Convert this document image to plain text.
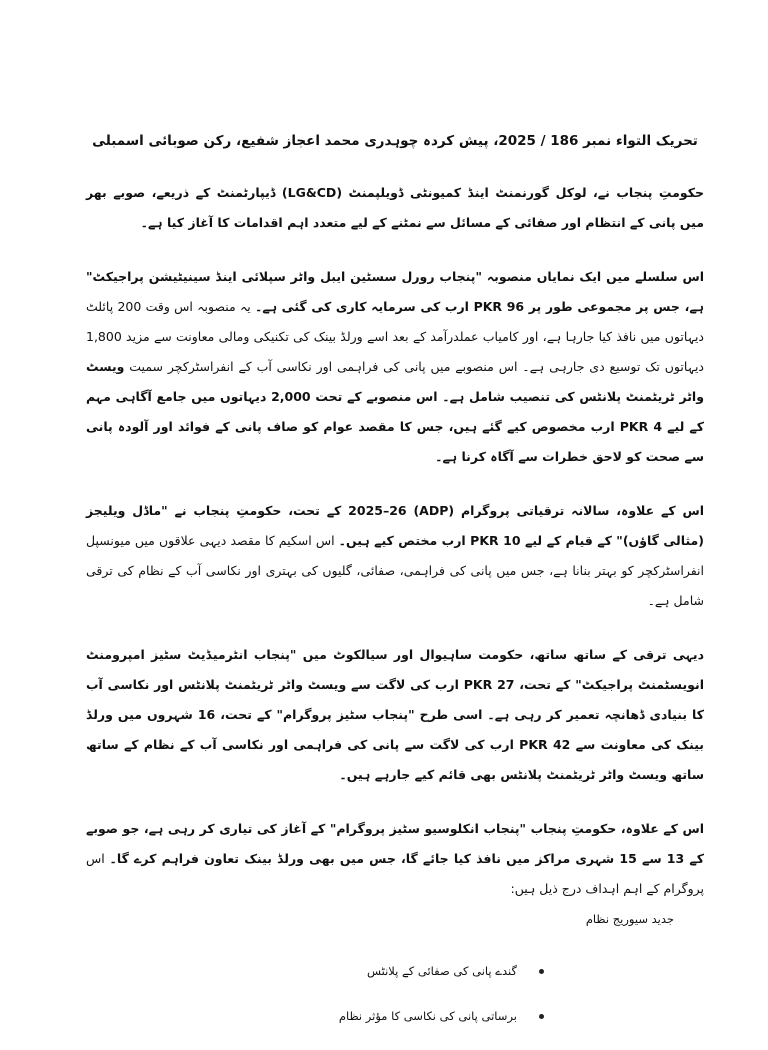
تحریک التواء نمبر 186 / 2025، پیش کردہ چوہدری محمد اعجاز شفیع، رکن صوبائی اسمبلی

حکومتِ پنجاب نے، لوکل گورنمنٹ اینڈ کمیونٹی ڈویلپمنٹ (LG&CD) ڈیپارٹمنٹ کے ذریعے، صوبے بھر میں پانی کے انتظام اور صفائی کے مسائل سے نمٹنے کے لیے متعدد اہم اقدامات کا آغاز کیا ہے۔

اس سلسلے میں ایک نمایاں منصوبہ "پنجاب رورل سسٹین ایبل واٹر سپلائی اینڈ سینیٹیشن پراجیکٹ" ہے، جس پر مجموعی طور پر 96 PKR ارب کی سرمایہ کاری کی گئی ہے۔ یہ منصوبہ اس وقت 200 پائلٹ دیہاتوں میں نافذ کیا جارہا ہے، اور کامیاب عملدرآمد کے بعد اسے ورلڈ بینک کی تکنیکی ومالی معاونت سے مزید 1,800 دیہاتوں تک توسیع دی جارہی ہے۔ اس منصوبے میں پانی کی فراہمی اور نکاسی آب کے انفراسٹرکچر سمیت ویسٹ واٹر ٹریٹمنٹ پلانٹس کی تنصیب شامل ہے۔ اس منصوبے کے تحت 2,000 دیہاتوں میں جامع آگاہی مہم کے لیے 4 PKR ارب مخصوص کیے گئے ہیں، جس کا مقصد عوام کو صاف پانی کے فوائد اور آلودہ پانی سے صحت کو لاحق خطرات سے آگاہ کرنا ہے۔

اس کے علاوہ، سالانہ ترقیاتی پروگرام (ADP) 2025–26 کے تحت، حکومتِ پنجاب نے "ماڈل ویلیجز (مثالی گاؤں)" کے قیام کے لیے 10 PKR ارب مختص کیے ہیں۔ اس اسکیم کا مقصد دیہی علاقوں میں میونسپل انفراسٹرکچر کو بہتر بنانا ہے، جس میں پانی کی فراہمی، صفائی، گلیوں کی بہتری اور نکاسی آب کے نظام کی ترقی شامل ہے۔

دیہی ترقی کے ساتھ ساتھ، حکومت ساہیوال اور سیالکوٹ میں "پنجاب انٹرمیڈیٹ سٹیز امپرومنٹ انویسٹمنٹ پراجیکٹ" کے تحت، 27 PKR ارب کی لاگت سے ویسٹ واٹر ٹریٹمنٹ پلانٹس اور نکاسی آب کا بنیادی ڈھانچہ تعمیر کر رہی ہے۔ اسی طرح "پنجاب سٹیز پروگرام" کے تحت، 16 شہروں میں ورلڈ بینک کی معاونت سے 42 PKR ارب کی لاگت سے پانی کی فراہمی اور نکاسی آب کے نظام کے ساتھ ساتھ ویسٹ واٹر ٹریٹمنٹ پلانٹس بھی قائم کیے جارہے ہیں۔

اس کے علاوہ، حکومتِ پنجاب "پنجاب انکلوسیو سٹیز پروگرام" کے آغاز کی تیاری کر رہی ہے، جو صوبے کے 13 سے 15 شہری مراکز میں نافذ کیا جائے گا، جس میں بھی ورلڈ بینک تعاون فراہم کرے گا۔ اس پروگرام کے اہم اہداف درج ذیل ہیں:

جدید سیوریج نظام
گندے پانی کی صفائی کے پلانٹس
برساتی پانی کی نکاسی کا مؤثر نظام
